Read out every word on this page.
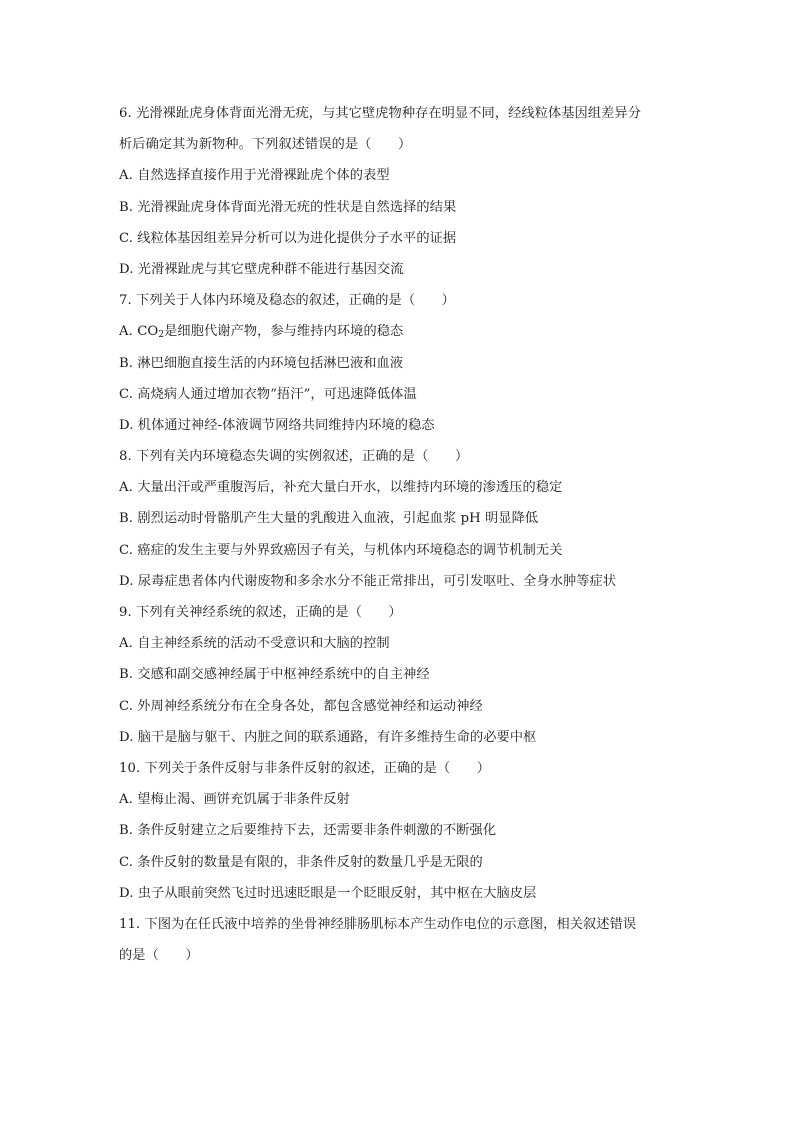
6. 光滑裸趾虎身体背面光滑无疣，与其它壁虎物种存在明显不同，经线粒体基因组差异分
析后确定其为新物种。下列叙述错误的是（　　）
A. 自然选择直接作用于光滑裸趾虎个体的表型
B. 光滑裸趾虎身体背面光滑无疣的性状是自然选择的结果
C. 线粒体基因组差异分析可以为进化提供分子水平的证据
D. 光滑裸趾虎与其它壁虎种群不能进行基因交流
7. 下列关于人体内环境及稳态的叙述，正确的是（　　）
A. $CO_2$是细胞代谢产物，参与维持内环境的稳态
B. 淋巴细胞直接生活的内环境包括淋巴液和血液
C. 高烧病人通过增加衣物“捂汗”，可迅速降低体温
D. 机体通过神经-体液调节网络共同维持内环境的稳态
8. 下列有关内环境稳态失调的实例叙述，正确的是（　　）
A. 大量出汗或严重腹泻后，补充大量白开水，以维持内环境的渗透压的稳定
B. 剧烈运动时骨骼肌产生大量的乳酸进入血液，引起血浆 pH 明显降低
C. 癌症的发生主要与外界致癌因子有关，与机体内环境稳态的调节机制无关
D. 尿毒症患者体内代谢废物和多余水分不能正常排出，可引发呕吐、全身水肿等症状
9. 下列有关神经系统的叙述，正确的是（　　）
A. 自主神经系统的活动不受意识和大脑的控制
B. 交感和副交感神经属于中枢神经系统中的自主神经
C. 外周神经系统分布在全身各处，都包含感觉神经和运动神经
D. 脑干是脑与躯干、内脏之间的联系通路，有许多维持生命的必要中枢
10. 下列关于条件反射与非条件反射的叙述，正确的是（　　）
A. 望梅止渴、画饼充饥属于非条件反射
B. 条件反射建立之后要维持下去，还需要非条件刺激的不断强化
C. 条件反射的数量是有限的，非条件反射的数量几乎是无限的
D. 虫子从眼前突然飞过时迅速眨眼是一个眨眼反射，其中枢在大脑皮层
11. 下图为在任氏液中培养的坐骨神经腓肠肌标本产生动作电位的示意图，相关叙述错误
的是（　　）
